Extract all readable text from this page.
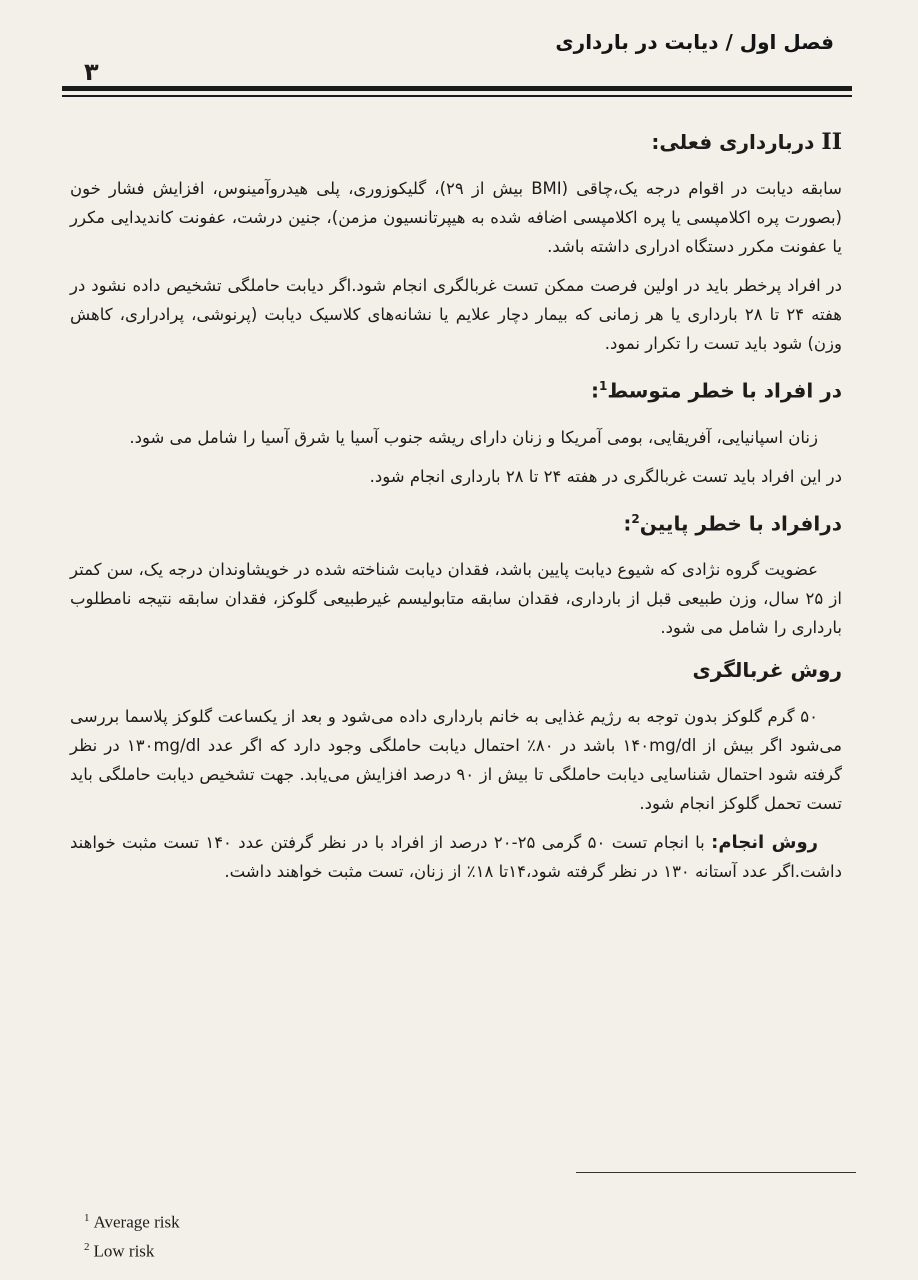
فصل اول / دیابت در بارداری
۳
II دربارداری فعلی:

سابقه دیابت در اقوام درجه یک،چاقی (BMI بیش از ۲۹)، گلیکوزوری، پلی هیدروآمینوس، افزایش فشار خون (بصورت پره اکلامپسی یا پره اکلامپسی اضافه شده به هیپرتانسیون مزمن)، جنین درشت، عفونت کاندیدایی مکرر یا عفونت مکرر دستگاه ادراری داشته باشد.

در افراد پرخطر باید در اولین فرصت ممکن تست غربالگری انجام شود.اگر دیابت حاملگی تشخیص داده نشود در هفته ۲۴ تا ۲۸ بارداری یا هر زمانی که بیمار دچار علایم یا نشانه‌های کلاسیک دیابت (پرنوشی، پرادراری، کاهش وزن) شود باید تست را تکرار نمود.

در افراد با خطر متوسط$^1$:

زنان اسپانیایی، آفریقایی، بومی آمریکا و زنان دارای ریشه جنوب آسیا یا شرق آسیا را شامل می شود.

در این افراد باید تست غربالگری در هفته ۲۴ تا ۲۸ بارداری انجام شود.

درافراد با خطر پایین$^2$:

عضویت گروه نژادی که شیوع دیابت پایین باشد، فقدان دیابت شناخته شده در خویشاوندان درجه یک، سن کمتر از ۲۵ سال، وزن طبیعی قبل از بارداری، فقدان سابقه متابولیسم غیرطبیعی گلوکز، فقدان سابقه نتیجه نامطلوب بارداری را شامل می شود.

روش غربالگری

۵۰ گرم گلوکز بدون توجه به رژیم غذایی به خانم بارداری داده می‌شود و بعد از یکساعت گلوکز پلاسما بررسی می‌شود اگر بیش از ۱۴۰mg/dl باشد در ۸۰٪ احتمال دیابت حاملگی وجود دارد که اگر عدد ۱۳۰mg/dl در نظر گرفته شود احتمال شناسایی دیابت حاملگی تا بیش از ۹۰ درصد افزایش می‌یابد. جهت تشخیص دیابت حاملگی باید تست تحمل گلوکز انجام شود.

روش انجام: با انجام تست ۵۰ گرمی ۲۵-۲۰ درصد از افراد با در نظر گرفتن عدد ۱۴۰ تست مثبت خواهند داشت.اگر عدد آستانه ۱۳۰ در نظر گرفته شود،۱۴تا ۱۸٪ از زنان، تست مثبت خواهند داشت.

$^1$ Average risk
$^2$ Low risk
